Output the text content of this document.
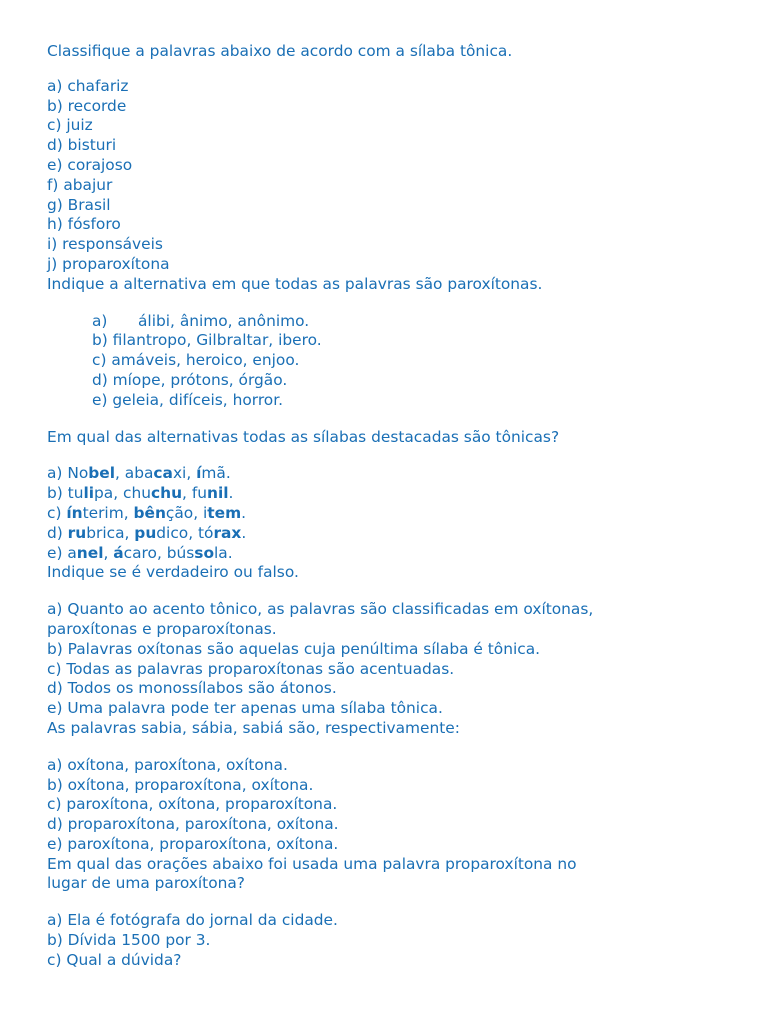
Classifique a palavras abaixo de acordo com a sílaba tônica.

a) chafariz

b) recorde

c) juiz

d) bisturi

e) corajoso

f) abajur

g) Brasil

h) fósforo

i) responsáveis

j) proparoxítona

Indique a alternativa em que todas as palavras são paroxítonas.

a)	álibi, ânimo, anônimo.

b) filantropo, Gilbraltar, ibero.

c) amáveis, heroico, enjoo.

d) míope, prótons, órgão.

e) geleia, difíceis, horror.

Em qual das alternativas todas as sílabas destacadas são tônicas?

a) Nobel, abacaxi, ímã.

b) tulipa, chuchu, funil.

c) ínterim, bênção, item.

d) rubrica, pudico, tórax.

e) anel, ácaro, bússola.

Indique se é verdadeiro ou falso.

a) Quanto ao acento tônico, as palavras são classificadas em oxítonas,

paroxítonas e proparoxítonas.

b) Palavras oxítonas são aquelas cuja penúltima sílaba é tônica.

c) Todas as palavras proparoxítonas são acentuadas.

d) Todos os monossílabos são átonos.

e) Uma palavra pode ter apenas uma sílaba tônica.

As palavras sabia, sábia, sabiá são, respectivamente:

a) oxítona, paroxítona, oxítona.

b) oxítona, proparoxítona, oxítona.

c) paroxítona, oxítona, proparoxítona.

d) proparoxítona, paroxítona, oxítona.

e) paroxítona, proparoxítona, oxítona.

Em qual das orações abaixo foi usada uma palavra proparoxítona no

lugar de uma paroxítona?

a) Ela é fotógrafa do jornal da cidade.

b) Dívida 1500 por 3.

c) Qual a dúvida?
